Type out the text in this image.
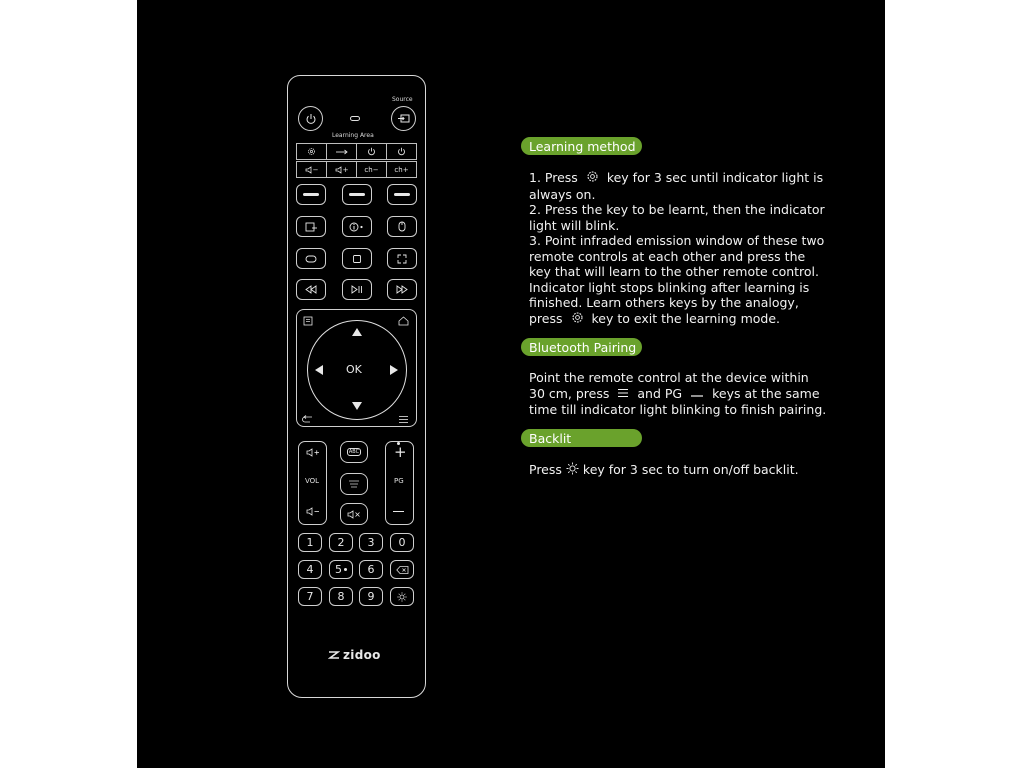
Source
Learning Area
−	+	ch−	ch+
OK
VOL
ABC +
PG
1	2	3	0
4	5	6
7	8	9
zidoo
Learning method

1. Press key for 3 sec until indicator light is
always on.

2. Press the key to be learnt, then the indicator light will blink.

3. Point infraded emission window of these two remote controls at each other and press the key that will learn to the other remote control. Indicator light stops blinking after learning is finished. Learn others keys by the analogy,
press key to exit the learning mode.

Bluetooth Pairing

Point the remote control at the device within

30 cm, press and PG keys at the same

time till indicator light blinking to finish pairing.

Backlit

Press key for 3 sec to turn on/off backlit.
